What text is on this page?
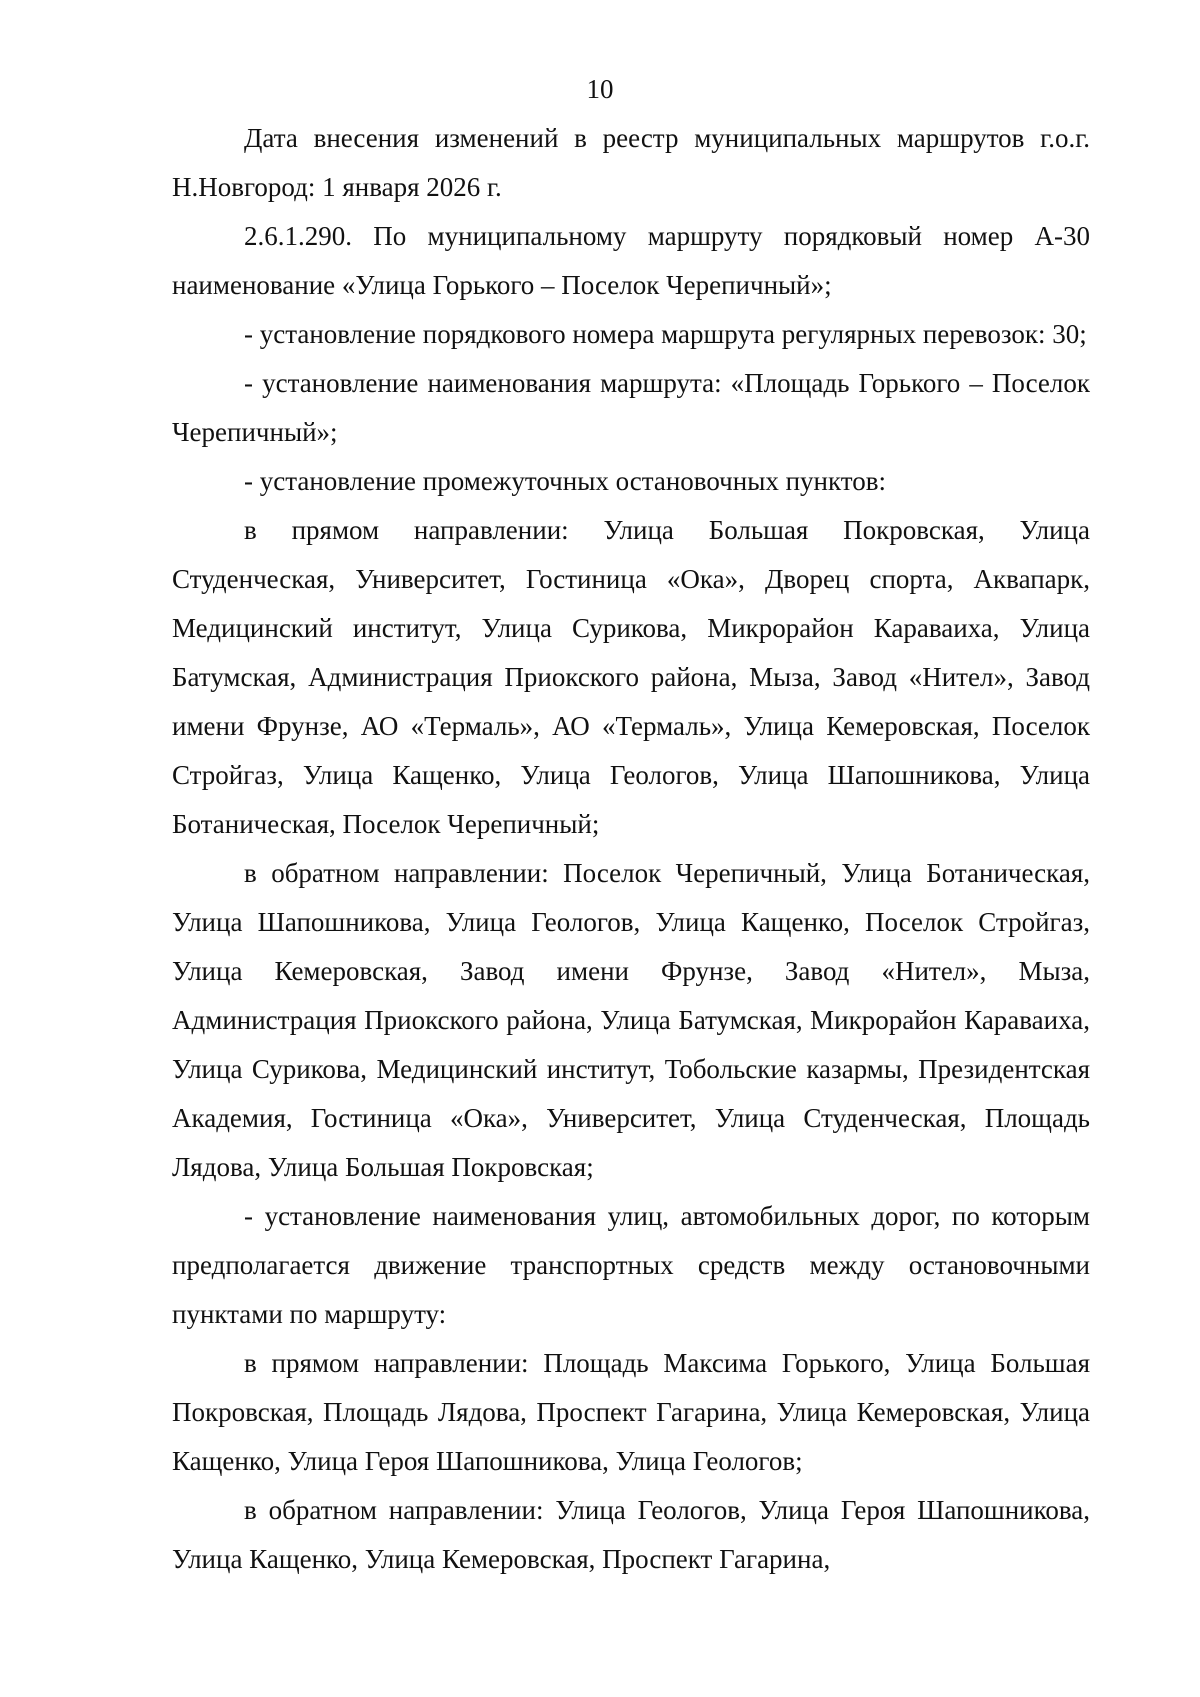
10

Дата внесения изменений в реестр муниципальных маршрутов г.о.г. Н.Новгород: 1 января 2026 г.

2.6.1.290. По муниципальному маршруту порядковый номер А-30 наименование «Улица Горького – Поселок Черепичный»;

- установление порядкового номера маршрута регулярных перевозок: 30;

- установление наименования маршрута: «Площадь Горького – Поселок Черепичный»;

- установление промежуточных остановочных пунктов:

в прямом направлении: Улица Большая Покровская, Улица Студенческая, Университет, Гостиница «Ока», Дворец спорта, Аквапарк, Медицинский институт, Улица Сурикова, Микрорайон Караваиха, Улица Батумская, Администрация Приокского района, Мыза, Завод «Нител», Завод имени Фрунзе, АО «Термаль», АО «Термаль», Улица Кемеровская, Поселок Стройгаз, Улица Кащенко, Улица Геологов, Улица Шапошникова, Улица Ботаническая, Поселок Черепичный;

в обратном направлении: Поселок Черепичный, Улица Ботаническая, Улица Шапошникова, Улица Геологов, Улица Кащенко, Поселок Стройгаз, Улица Кемеровская, Завод имени Фрунзе, Завод «Нител», Мыза, Администрация Приокского района, Улица Батумская, Микрорайон Караваиха, Улица Сурикова, Медицинский институт, Тобольские казармы, Президентская Академия, Гостиница «Ока», Университет, Улица Студенческая, Площадь Лядова, Улица Большая Покровская;

- установление наименования улиц, автомобильных дорог, по которым предполагается движение транспортных средств между остановочными пунктами по маршруту:

в прямом направлении: Площадь Максима Горького, Улица Большая Покровская, Площадь Лядова, Проспект Гагарина, Улица Кемеровская, Улица Кащенко, Улица Героя Шапошникова, Улица Геологов;

в обратном направлении: Улица Геологов, Улица Героя Шапошникова, Улица Кащенко, Улица Кемеровская, Проспект Гагарина,
